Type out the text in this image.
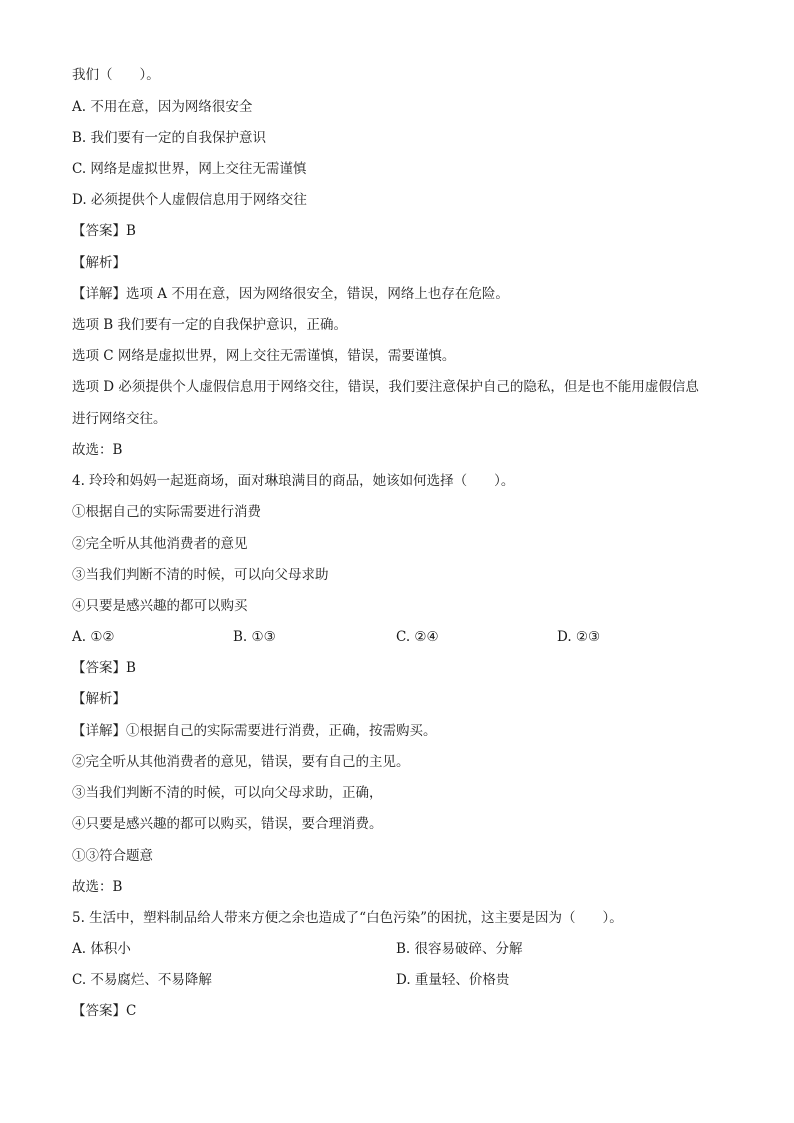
我们（　　）。
A. 不用在意，因为网络很安全
B. 我们要有一定的自我保护意识
C. 网络是虚拟世界，网上交往无需谨慎
D. 必须提供个人虚假信息用于网络交往
【答案】B
【解析】
【详解】选项 A 不用在意，因为网络很安全，错误，网络上也存在危险。
选项 B 我们要有一定的自我保护意识，正确。
选项 C 网络是虚拟世界，网上交往无需谨慎，错误，需要谨慎。
选项 D 必须提供个人虚假信息用于网络交往，错误，我们要注意保护自己的隐私，但是也不能用虚假信息
进行网络交往。
故选：B
4. 玲玲和妈妈一起逛商场，面对琳琅满目的商品，她该如何选择（　　）。
①根据自己的实际需要进行消费
②完全听从其他消费者的意见
③当我们判断不清的时候，可以向父母求助
④只要是感兴趣的都可以购买
A. ①②	B. ①③	C. ②④	D. ②③
【答案】B
【解析】
【详解】①根据自己的实际需要进行消费，正确，按需购买。
②完全听从其他消费者的意见，错误，要有自己的主见。
③当我们判断不清的时候，可以向父母求助，正确，
④只要是感兴趣的都可以购买，错误，要合理消费。
①③符合题意
故选：B
5. 生活中，塑料制品给人带来方便之余也造成了“白色污染”的困扰，这主要是因为（　　）。
A. 体积小	B. 很容易破碎、分解
C. 不易腐烂、不易降解	D. 重量轻、价格贵
【答案】C
